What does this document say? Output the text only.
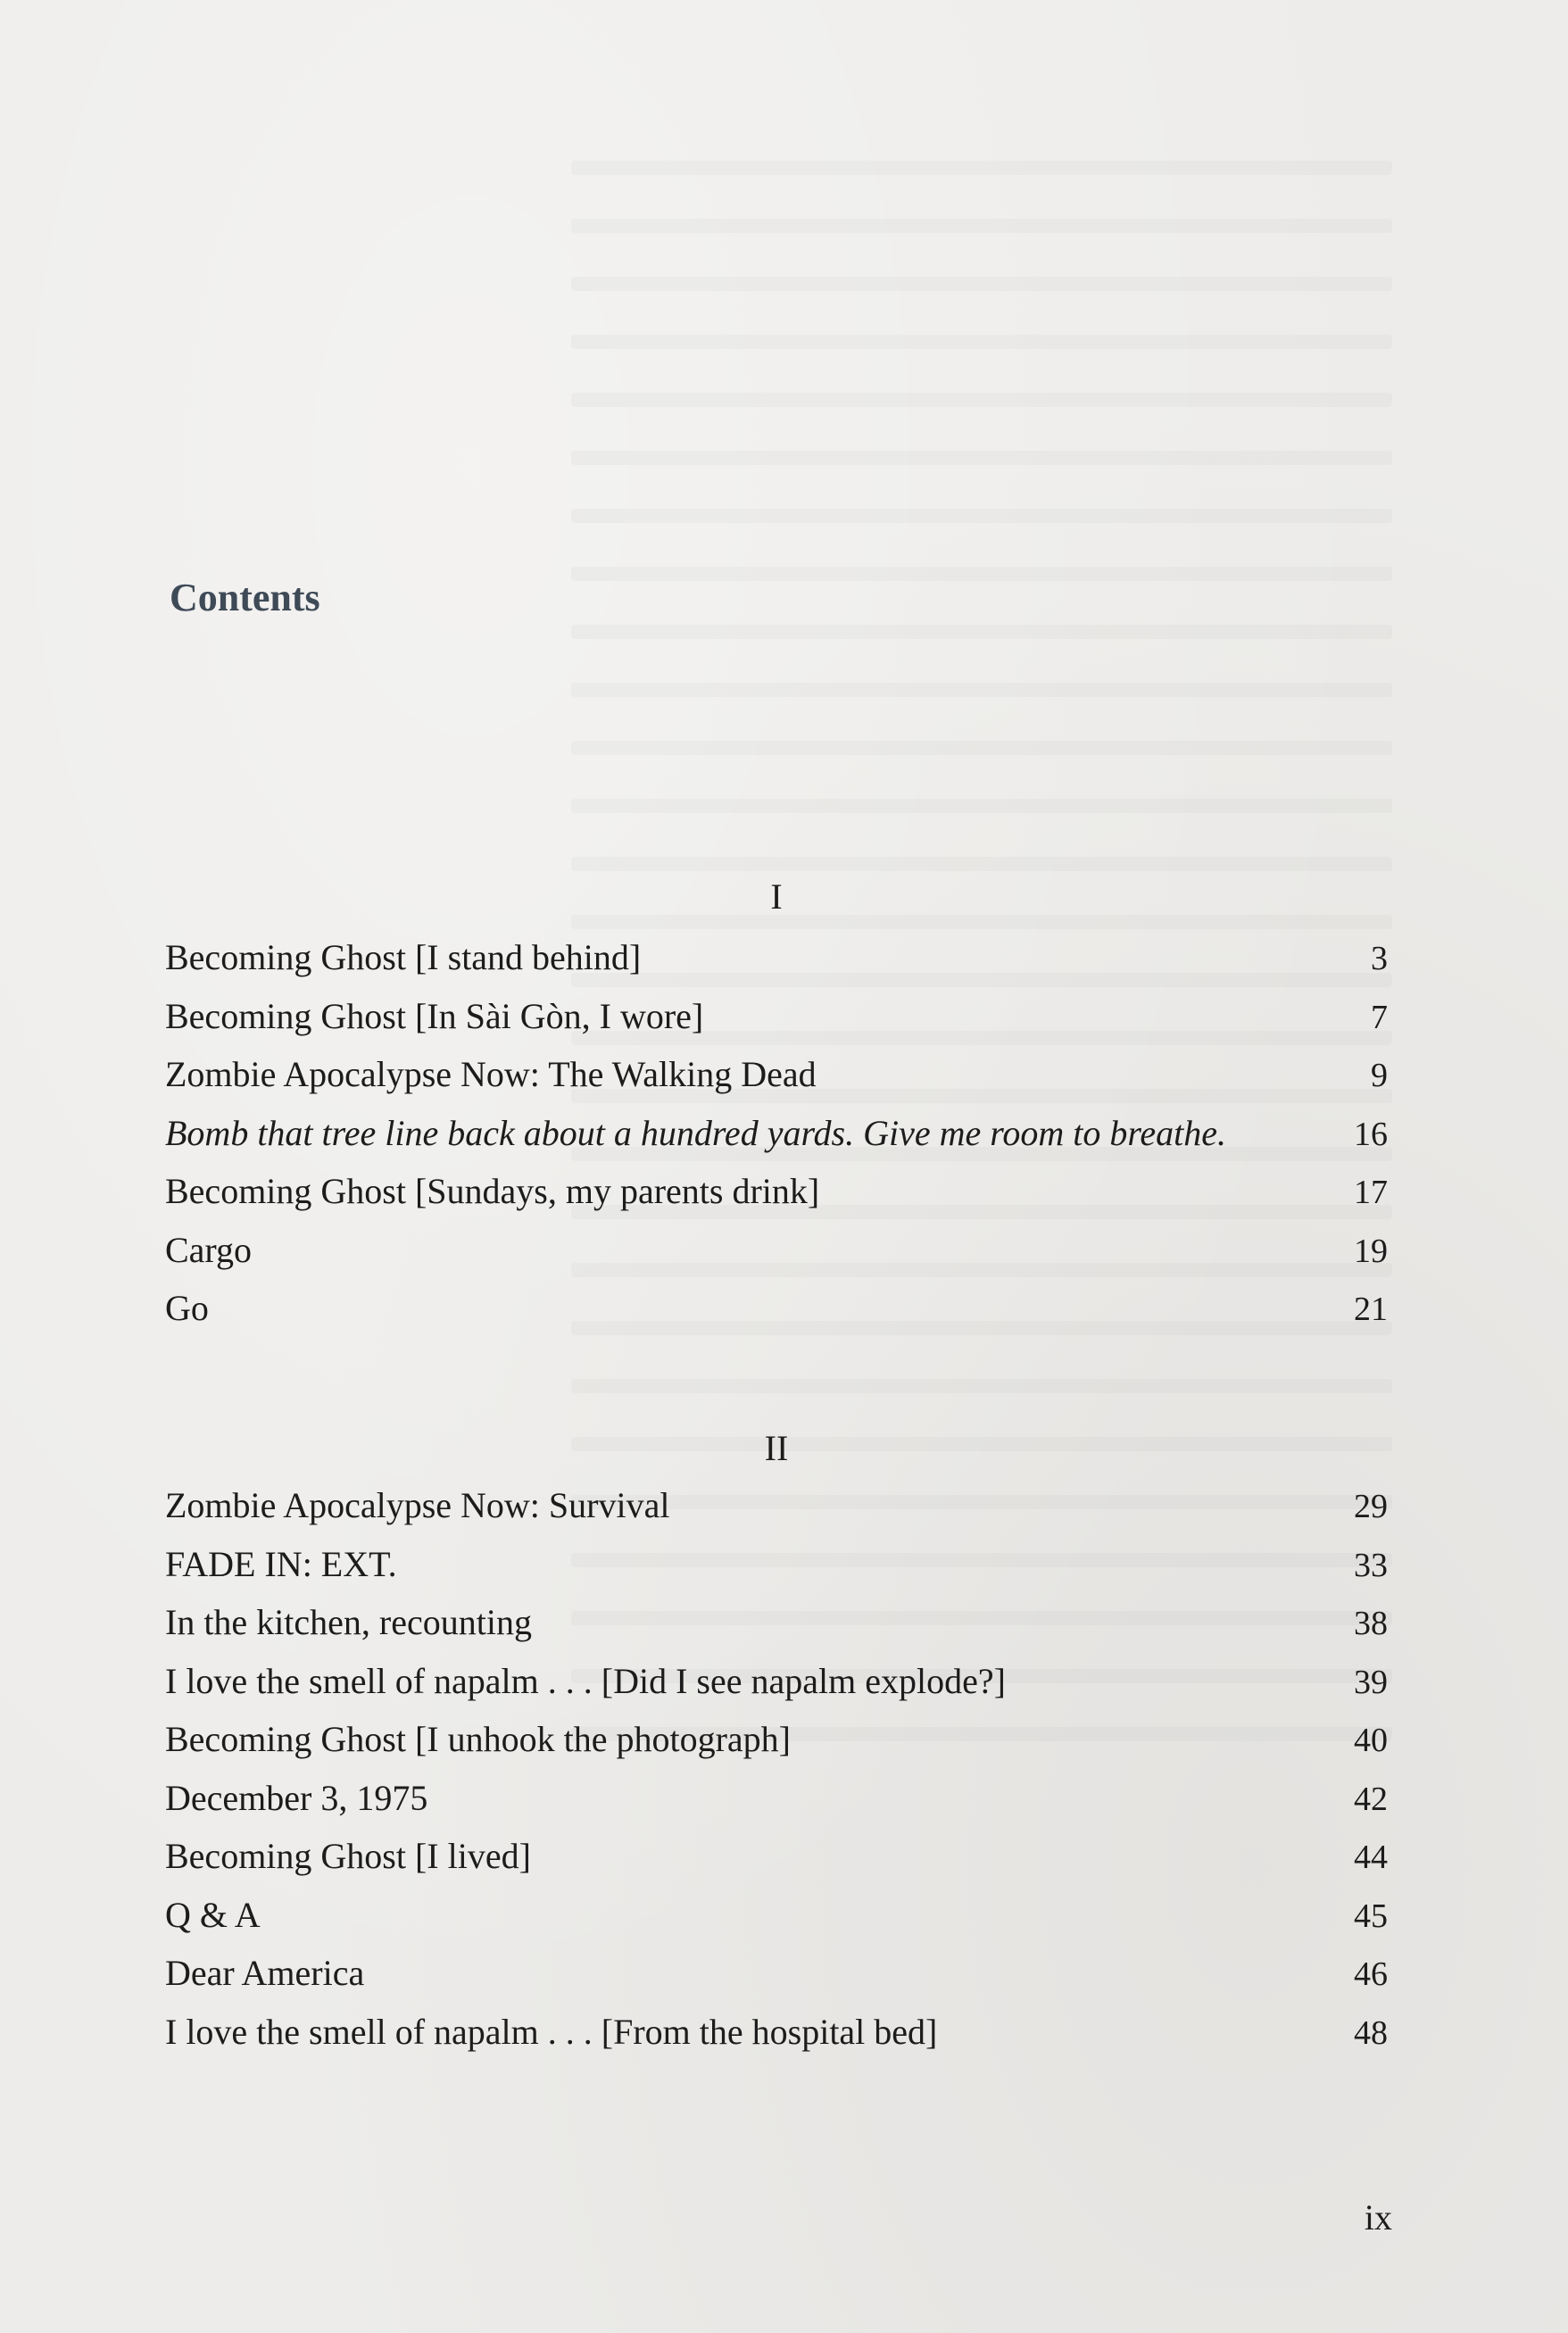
Contents
I
Becoming Ghost [I stand behind]	3
Becoming Ghost [In Sài Gòn, I wore]	7
Zombie Apocalypse Now: The Walking Dead	9
Bomb that tree line back about a hundred yards. Give me room to breathe.	16
Becoming Ghost [Sundays, my parents drink]	17
Cargo	19
Go	21
II
Zombie Apocalypse Now: Survival	29
FADE IN: EXT.	33
In the kitchen, recounting	38
I love the smell of napalm . . . [Did I see napalm explode?]	39
Becoming Ghost [I unhook the photograph]	40
December 3, 1975	42
Becoming Ghost [I lived]	44
Q & A	45
Dear America	46
I love the smell of napalm . . . [From the hospital bed]	48
ix
